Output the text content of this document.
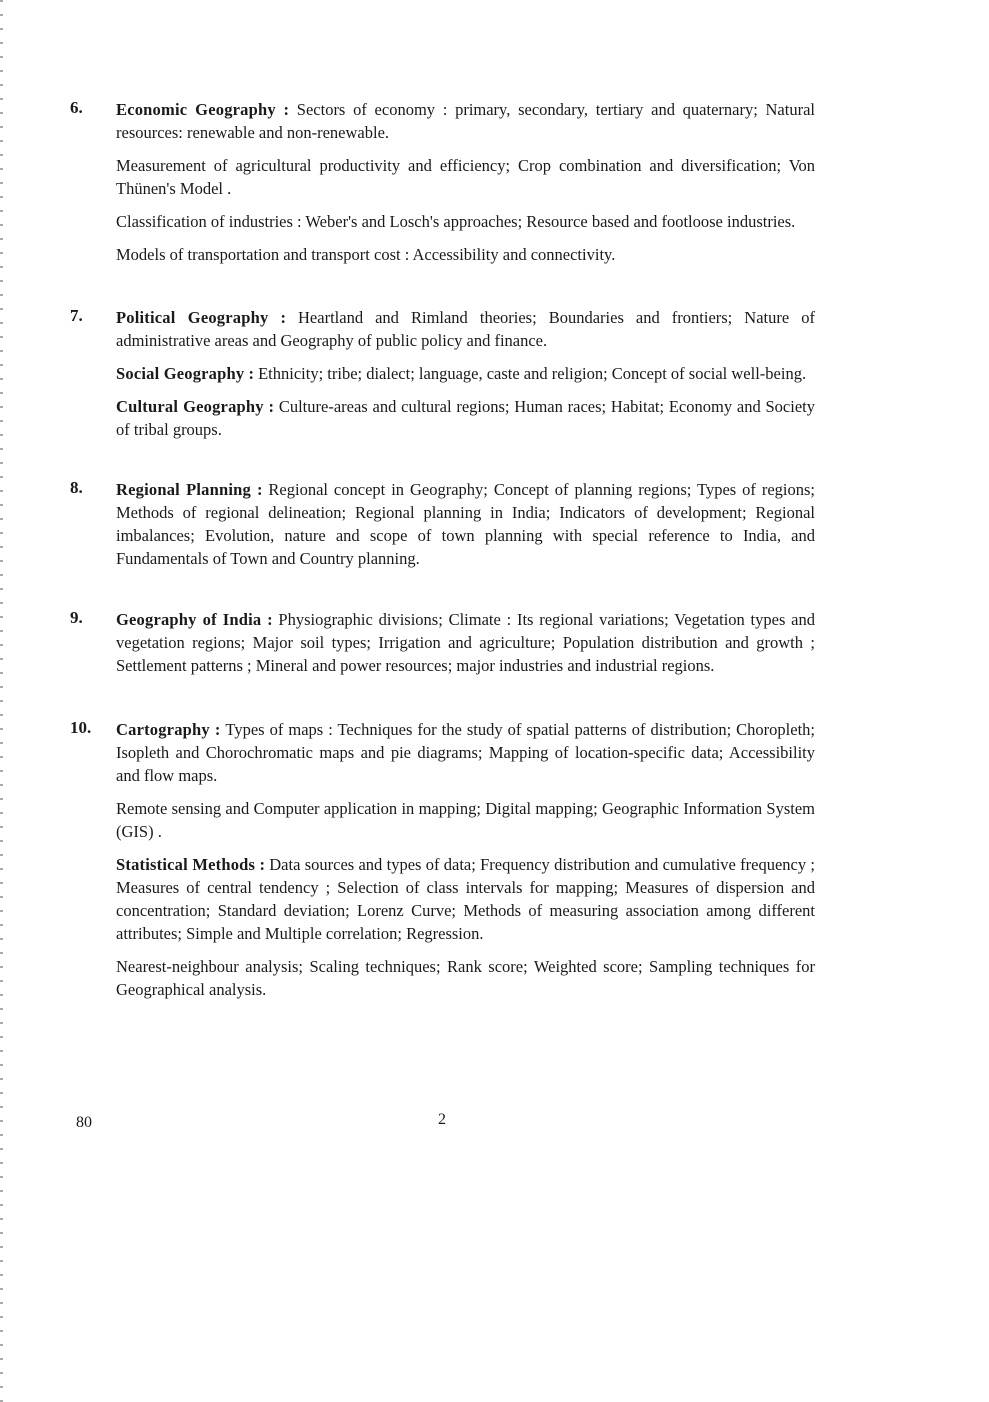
6. Economic Geography : Sectors of economy : primary, secondary, tertiary and quaternary; Natural resources: renewable and non-renewable.

Measurement of agricultural productivity and efficiency; Crop combination and diversification; Von Thünen's Model .

Classification of industries : Weber's and Losch's approaches; Resource based and footloose industries.

Models of transportation and transport cost : Accessibility and connectivity.

7. Political Geography : Heartland and Rimland theories; Boundaries and frontiers; Nature of administrative areas and Geography of public policy and finance.

Social Geography : Ethnicity; tribe; dialect; language, caste and religion; Concept of social well-being.

Cultural Geography : Culture-areas and cultural regions; Human races; Habitat; Economy and Society of tribal groups.

8. Regional Planning : Regional concept in Geography; Concept of planning regions; Types of regions; Methods of regional delineation; Regional planning in India; Indicators of development; Regional imbalances; Evolution, nature and scope of town planning with special reference to India, and Fundamentals of Town and Country planning.

9. Geography of India : Physiographic divisions; Climate : Its regional variations; Vegetation types and vegetation regions; Major soil types; Irrigation and agriculture; Population distribution and growth ; Settlement patterns ; Mineral and power resources; major industries and industrial regions.

10. Cartography : Types of maps : Techniques for the study of spatial patterns of distribution; Choropleth; Isopleth and Chorochromatic maps and pie diagrams; Mapping of location-specific data; Accessibility and flow maps.

Remote sensing and Computer application in mapping; Digital mapping; Geographic Information System (GIS) .

Statistical Methods : Data sources and types of data; Frequency distribution and cumulative frequency ; Measures of central tendency ; Selection of class intervals for mapping; Measures of dispersion and concentration; Standard deviation; Lorenz Curve; Methods of measuring association among different attributes; Simple and Multiple correlation; Regression.

Nearest-neighbour analysis; Scaling techniques; Rank score; Weighted score; Sampling techniques for Geographical analysis.

80	2
